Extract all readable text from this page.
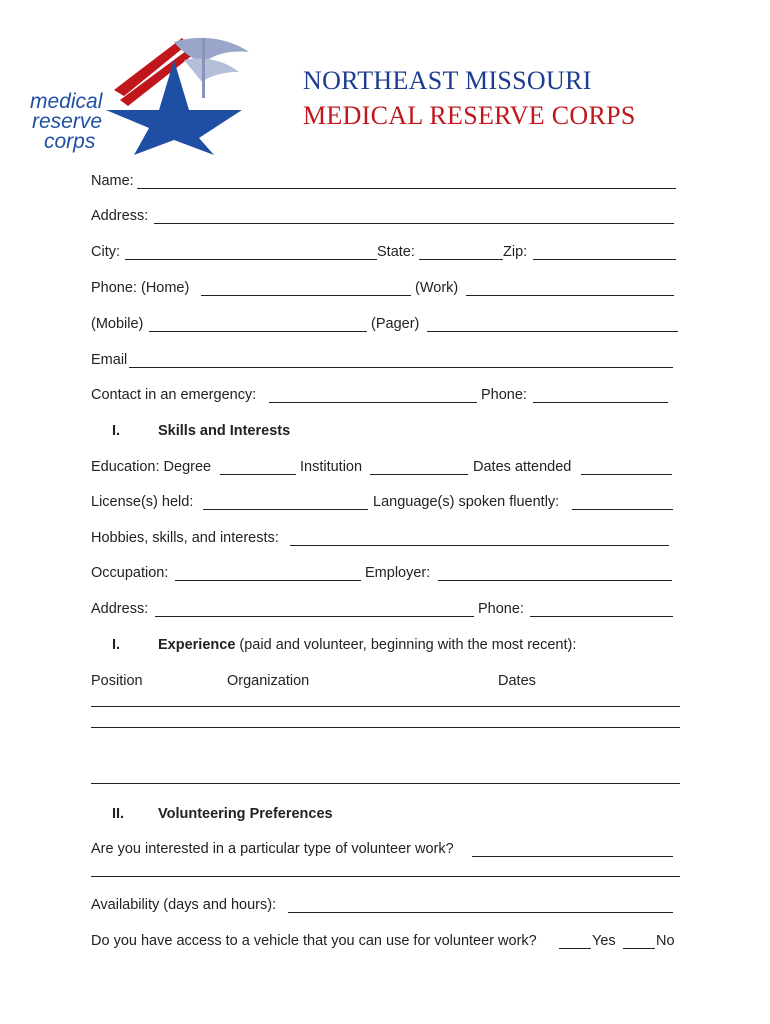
medical
reserve
corps
NORTHEAST MISSOURI
MEDICAL RESERVE CORPS
Name:
Address:
City:	State:	Zip:
Phone: (Home)	(Work)
(Mobile)	(Pager)
Email
Contact in an emergency:	Phone:
I.	Skills and Interests
Education: Degree	Institution	Dates attended
License(s) held:	Language(s) spoken fluently:
Hobbies, skills, and interests:
Occupation:	Employer:
Address:	Phone:
I.	Experience (paid and volunteer, beginning with the most recent):
Position	Organization	Dates
II. Volunteering Preferences
Are you interested in a particular type of volunteer work?
Availability (days and hours):
Do you have access to a vehicle that you can use for volunteer work?	Yes	No
